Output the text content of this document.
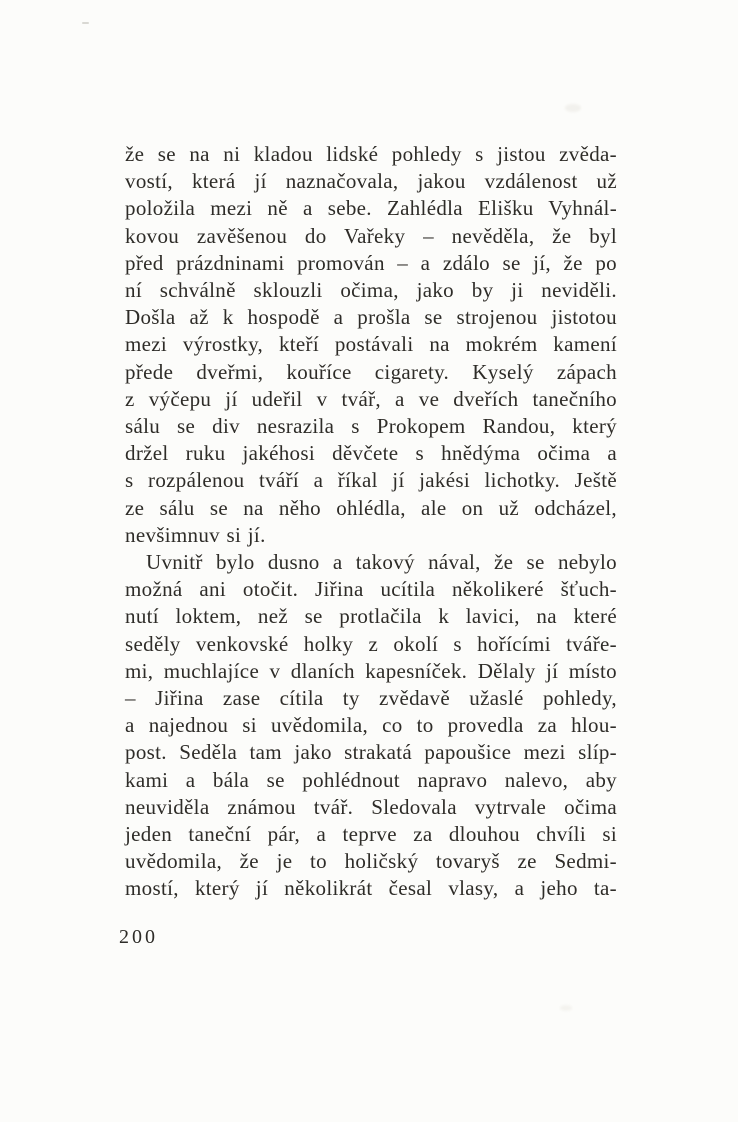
že se na ni kladou lidské pohledy s jistou zvěda-
vostí, která jí naznačovala, jakou vzdálenost už
položila mezi ně a sebe. Zahlédla Elišku Vyhnál-
kovou zavěšenou do Vařeky – nevěděla, že byl
před prázdninami promován – a zdálo se jí, že po
ní schválně sklouzli očima, jako by ji neviděli.
Došla až k hospodě a prošla se strojenou jistotou
mezi výrostky, kteří postávali na mokrém kamení
přede dveřmi, kouříce cigarety. Kyselý zápach
z výčepu jí udeřil v tvář, a ve dveřích tanečního
sálu se div nesrazila s Prokopem Randou, který
držel ruku jakéhosi děvčete s hnědýma očima a
s rozpálenou tváří a říkal jí jakési lichotky. Ještě
ze sálu se na něho ohlédla, ale on už odcházel,
nevšimnuv si jí.
Uvnitř bylo dusno a takový nával, že se nebylo
možná ani otočit. Jiřina ucítila několikeré šťuch-
nutí loktem, než se protlačila k lavici, na které
seděly venkovské holky z okolí s hořícími tváře-
mi, muchlajíce v dlaních kapesníček. Dělaly jí místo
– Jiřina zase cítila ty zvědavě užaslé pohledy,
a najednou si uvědomila, co to provedla za hlou-
post. Seděla tam jako strakatá papoušice mezi slíp-
kami a bála se pohlédnout napravo nalevo, aby
neuviděla známou tvář. Sledovala vytrvale očima
jeden taneční pár, a teprve za dlouhou chvíli si
uvědomila, že je to holičský tovaryš ze Sedmi-
mostí, který jí několikrát česal vlasy, a jeho ta-
200
